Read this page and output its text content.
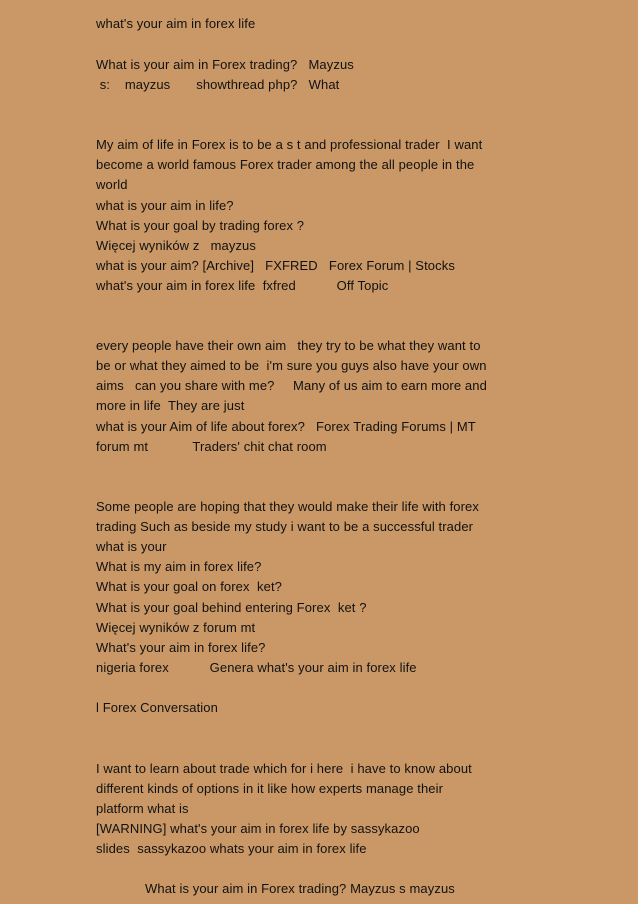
what's your aim in forex life
What is your aim in Forex trading?   Mayzus
s:    mayzus       showthread php?   What
My aim of life in Forex is to be a s t and professional trader  I want
become a world famous Forex trader among the all people in the
world
what is your aim in life?
What is your goal by trading forex ?
Więcej wyników z   mayzus
what is your aim? [Archive]   FXFRED   Forex Forum | Stocks
what's your aim in forex life  fxfred           Off Topic
every people have their own aim   they try to be what they want to
be or what they aimed to be  i'm sure you guys also have your own
aims   can you share with me?     Many of us aim to earn more and
more in life  They are just
what is your Aim of life about forex?   Forex Trading Forums | MT
forum mt            Traders' chit chat room
Some people are hoping that they would make their life with forex
trading Such as beside my study i want to be a successful trader
what is your
What is my aim in forex life?
What is your goal on forex  ket?
What is your goal behind entering Forex  ket ?
Więcej wyników z forum mt
What's your aim in forex life?
nigeria forex           Genera what's your aim in forex life
l Forex Conversation
I want to learn about trade which for i here  i have to know about
different kinds of options in it like how experts manage their
platform what is
[WARNING] what's your aim in forex life by sassykazoo
slides  sassykazoo whats your aim in forex life
What is your aim in Forex trading? Mayzus s mayzus
